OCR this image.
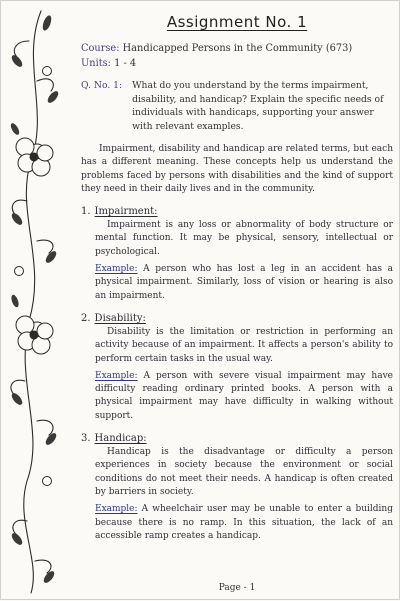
Assignment No. 1
Course: Handicapped Persons in the Community (673)
Units: 1 - 4
Q. No. 1: What do you understand by the terms impairment, disability, and handicap? Explain the specific needs of individuals with handicaps, supporting your answer with relevant examples.

Impairment, disability and handicap are related terms, but each has a different meaning. These concepts help us understand the problems faced by persons with disabilities and the kind of support they need in their daily lives and in the community.

1. Impairment:

Impairment is any loss or abnormality of body structure or mental function. It may be physical, sensory, intellectual or psychological.

Example: A person who has lost a leg in an accident has a physical impairment. Similarly, loss of vision or hearing is also an impairment.

2. Disability:

Disability is the limitation or restriction in performing an activity because of an impairment. It affects a person's ability to perform certain tasks in the usual way.

Example: A person with severe visual impairment may have difficulty reading ordinary printed books. A person with a physical impairment may have difficulty in walking without support.

3. Handicap:

Handicap is the disadvantage or difficulty a person experiences in society because the environment or social conditions do not meet their needs. A handicap is often created by barriers in society.

Example: A wheelchair user may be unable to enter a building because there is no ramp. In this situation, the lack of an accessible ramp creates a handicap.

Page - 1
